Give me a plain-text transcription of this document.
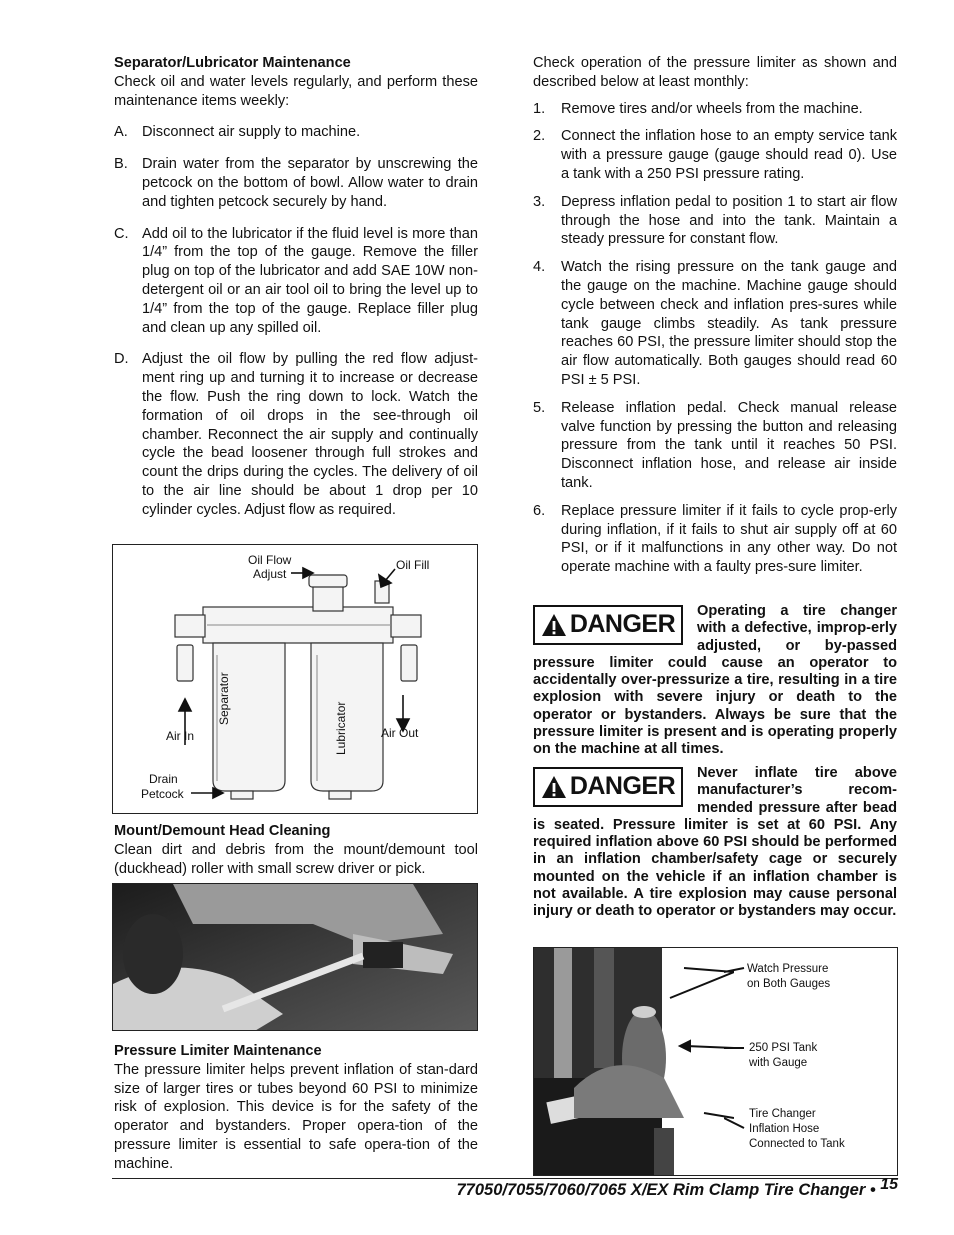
Separator/Lubricator Maintenance

Check oil and water levels regularly, and perform these maintenance items weekly:

A. Disconnect air supply to machine.
B. Drain water from the separator by unscrewing the petcock on the bottom of bowl. Allow water to drain and tighten petcock securely by hand.
C. Add oil to the lubricator if the fluid level is more than 1/4” from the top of the gauge. Remove the filler plug on top of the lubricator and add SAE 10W non-detergent oil or an air tool oil to bring the level up to 1/4” from the top of the gauge. Replace filler plug and clean up any spilled oil.
D. Adjust the oil flow by pulling the red flow adjust-ment ring up and turning it to increase or decrease the flow. Push the ring down to lock. Watch the formation of oil drops in the see-through oil chamber. Reconnect the air supply and continually cycle the bead loosener through full strokes and count the drips during the cycles. The delivery of oil to the air line should be about 1 drop per 10 cylinder cycles. Adjust flow as required.
Oil Flow
Adjust
Oil Fill
Air In	Air Out
Separator
Lubricator
Drain
Petcock

Mount/Demount Head Cleaning

Clean dirt and debris from the mount/demount tool (duckhead) roller with small screw driver or pick.

Pressure Limiter Maintenance

The pressure limiter helps prevent inflation of stan-dard size of larger tires or tubes beyond 60 PSI to minimize risk of explosion. This device is for the safety of the operator and bystanders. Proper opera-tion of the pressure limiter is essential to safe opera-tion of the machine.

Check operation of the pressure limiter as shown and described below at least monthly:

1.	Remove tires and/or wheels from the machine.
2.	Connect the inflation hose to an empty service tank with a pressure gauge (gauge should read 0). Use a tank with a 250 PSI pressure rating.
3.	Depress inflation pedal to position 1 to start air flow through the hose and into the tank. Maintain a steady pressure for constant flow.
4.	Watch the rising pressure on the tank gauge and the gauge on the machine. Machine gauge should cycle between check and inflation pres-sures while tank gauge climbs steadily. As tank pressure reaches 60 PSI, the pressure limiter should stop the air flow automatically. Both gauges should read 60 PSI ± 5 PSI.
5.	Release inflation pedal. Check manual release valve function by pressing the button and releasing pressure from the tank until it reaches 50 PSI. Disconnect inflation hose, and release air inside tank.
6.	Replace pressure limiter if it fails to cycle prop-erly during inflation, if it fails to shut air supply off at 60 PSI, or if it malfunctions in any other way. Do not operate machine with a faulty pres-sure limiter.
DANGER Operating a tire changer with a defective, improp-erly adjusted, or by-passed pressure limiter could cause an operator to accidentally over-pressurize a tire, resulting in a tire explosion with severe injury or death to the operator or bystanders. Always be sure that the pressure limiter is present and is operating properly on the machine at all times.
DANGER Never inflate tire above manufacturer’s recom-mended pressure after bead is seated. Pressure limiter is set at 60 PSI. Any required inflation above 60 PSI should be performed in an inflation chamber/safety cage or securely mounted on the vehicle if an inflation chamber is not available. A tire explosion may cause personal injury or death to operator or bystanders may occur.
Watch Pressure
on Both Gauges
250 PSI Tank
with Gauge
Tire Changer
Inflation Hose
Connected to Tank
77050/7055/7060/7065 X/EX Rim Clamp Tire Changer • 15
